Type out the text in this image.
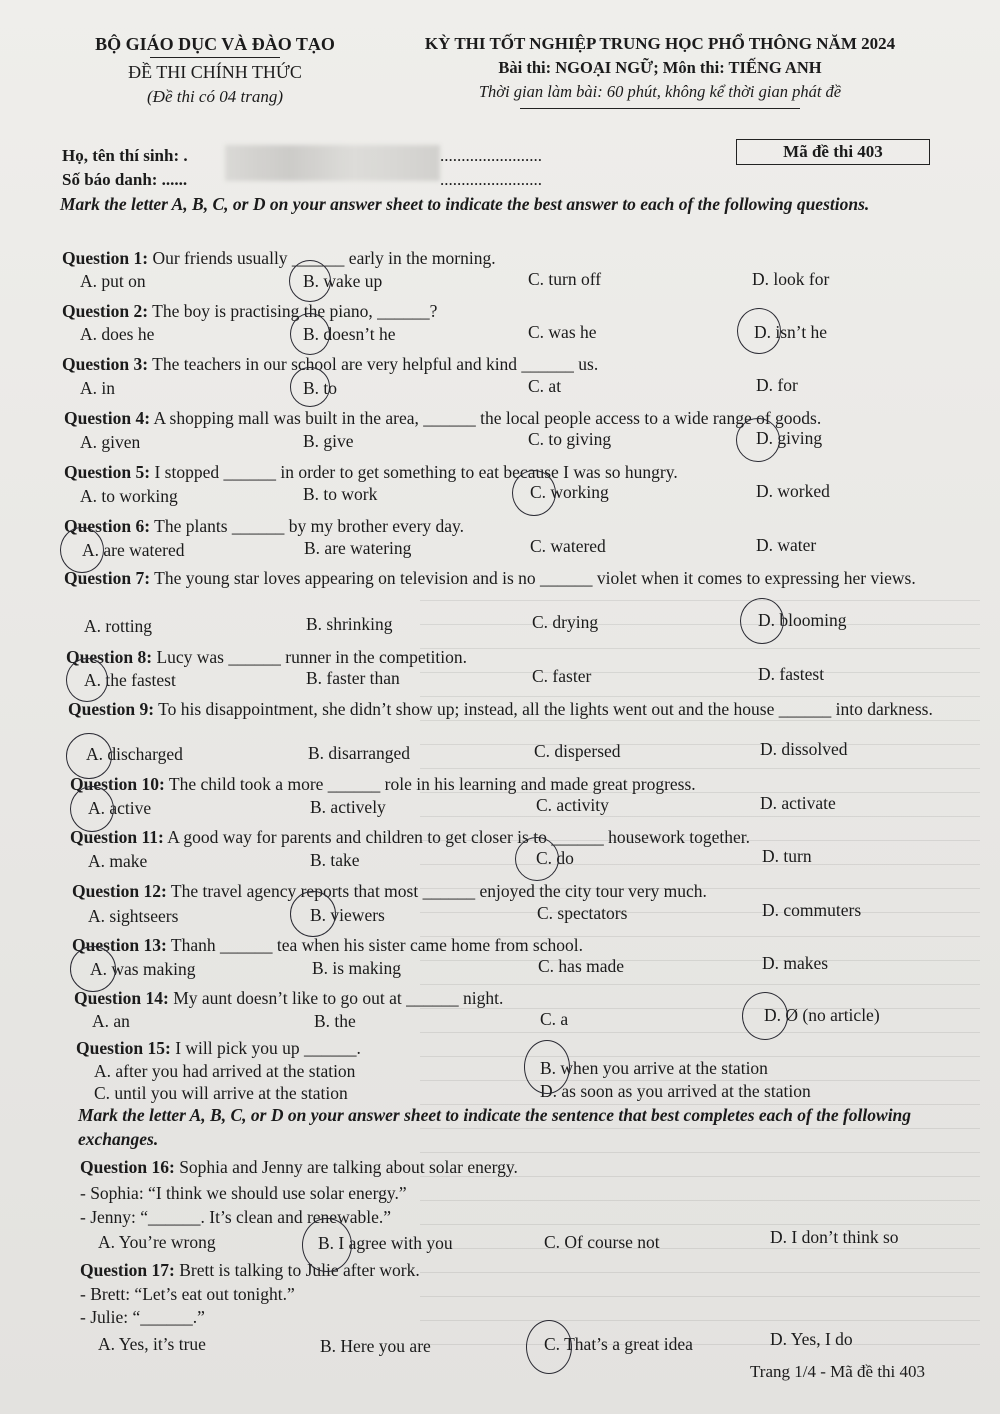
BỘ GIÁO DỤC VÀ ĐÀO TẠO
ĐỀ THI CHÍNH THỨC
(Đề thi có 04 trang)
KỲ THI TỐT NGHIỆP TRUNG HỌC PHỔ THÔNG NĂM 2024
Bài thi: NGOẠI NGỮ; Môn thi: TIẾNG ANH
Thời gian làm bài: 60 phút, không kể thời gian phát đề
Họ, tên thí sinh: .
Số báo danh: ......
........................
........................
Mã đề thi 403
Mark the letter A, B, C, or D on your answer sheet to indicate the best answer to each of the following questions.
Question 1: Our friends usually ______ early in the morning.
A. put on	B. wake up	C. turn off	D. look for
Question 2: The boy is practising the piano, ______?
A. does he	B. doesn’t he	C. was he	D. isn’t he
Question 3: The teachers in our school are very helpful and kind ______ us.
A. in	B. to	C. at	D. for
Question 4: A shopping mall was built in the area, ______ the local people access to a wide range of goods.
A. given	B. give	C. to giving	D. giving
Question 5: I stopped ______ in order to get something to eat because I was so hungry.
A. to working	B. to work	C. working	D. worked
Question 6: The plants ______ by my brother every day.
A. are watered	B. are watering	C. watered	D. water
Question 7: The young star loves appearing on television and is no ______ violet when it comes to expressing her views.
A. rotting	B. shrinking	C. drying	D. blooming
Question 8: Lucy was ______ runner in the competition.
A. the fastest	B. faster than	C. faster	D. fastest
Question 9: To his disappointment, she didn’t show up; instead, all the lights went out and the house ______ into darkness.
A. discharged	B. disarranged	C. dispersed	D. dissolved
Question 10: The child took a more ______ role in his learning and made great progress.
A. active	B. actively	C. activity	D. activate
Question 11: A good way for parents and children to get closer is to ______ housework together.
A. make	B. take	C. do	D. turn
Question 12: The travel agency reports that most ______ enjoyed the city tour very much.
A. sightseers	B. viewers	C. spectators	D. commuters
Question 13: Thanh ______ tea when his sister came home from school.
A. was making	B. is making	C. has made	D. makes
Question 14: My aunt doesn’t like to go out at ______ night.
A. an	B. the	C. a	D. Ø (no article)
Question 15: I will pick you up ______.
A. after you had arrived at the station	B. when you arrive at the station
C. until you will arrive at the station	D. as soon as you arrived at the station
Mark the letter A, B, C, or D on your answer sheet to indicate the sentence that best completes each of the following exchanges.
Question 16: Sophia and Jenny are talking about solar energy.
- Sophia: “I think we should use solar energy.”
- Jenny: “______. It’s clean and renewable.”
A. You’re wrong	B. I agree with you	C. Of course not	D. I don’t think so
Question 17: Brett is talking to Julie after work.
- Brett: “Let’s eat out tonight.”
- Julie: “______.”
A. Yes, it’s true	B. Here you are	C. That’s a great idea	D. Yes, I do
Trang 1/4 - Mã đề thi 403
